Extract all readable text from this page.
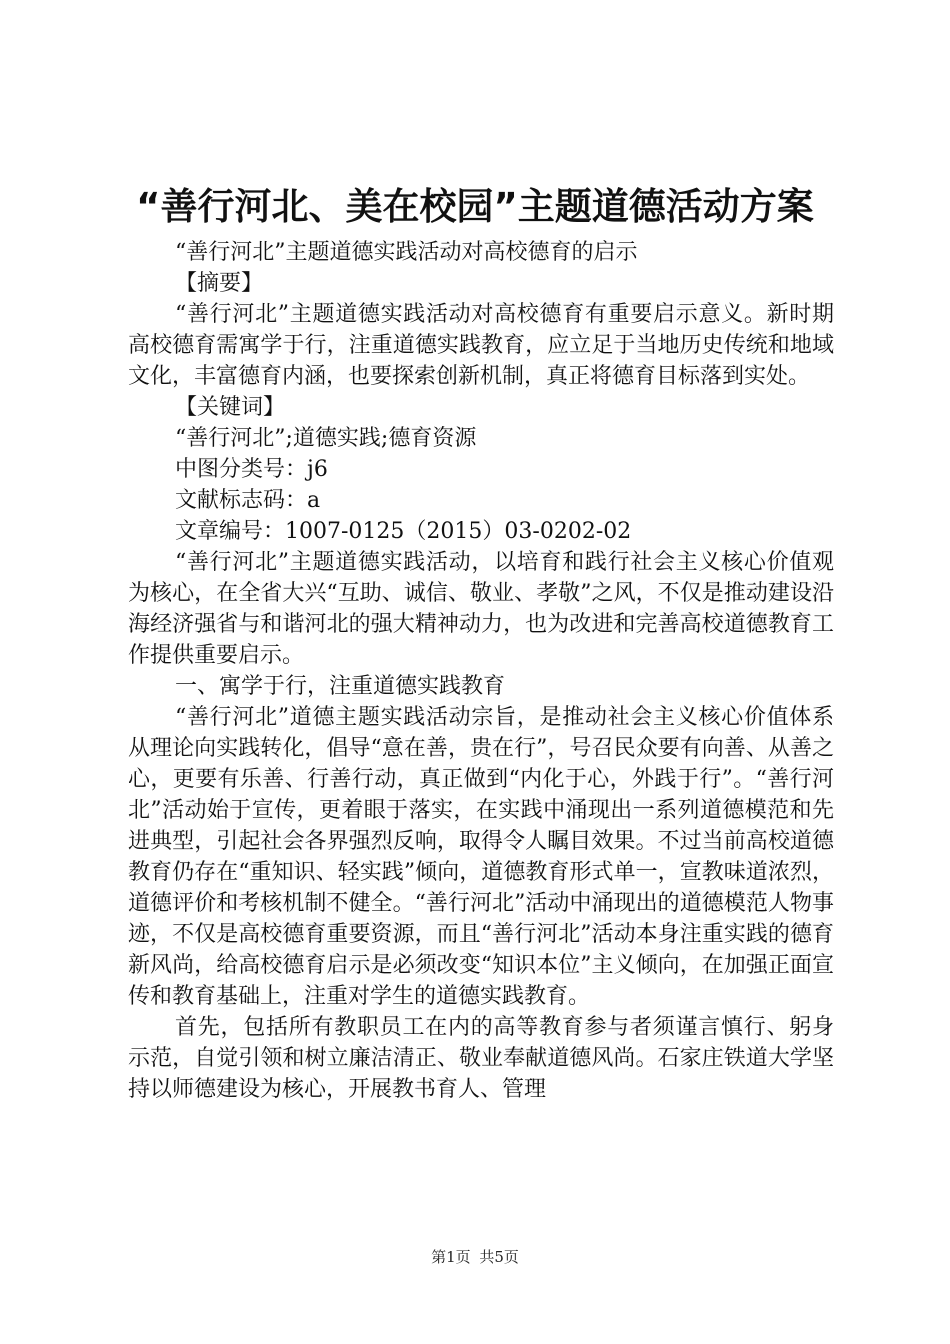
“善行河北、美在校园”主题道德活动方案

“善行河北”主题道德实践活动对高校德育的启示

【摘要】

“善行河北”主题道德实践活动对高校德育有重要启示意义。新时期高校德育需寓学于行，注重道德实践教育，应立足于当地历史传统和地域文化，丰富德育内涵，也要探索创新机制，真正将德育目标落到实处。

【关键词】

“善行河北”;道德实践;德育资源

中图分类号：j6

文献标志码：a

文章编号：1007-0125（2015）03-0202-02

“善行河北”主题道德实践活动，以培育和践行社会主义核心价值观为核心，在全省大兴“互助、诚信、敬业、孝敬”之风，不仅是推动建设沿海经济强省与和谐河北的强大精神动力，也为改进和完善高校道德教育工作提供重要启示。

一、寓学于行，注重道德实践教育

“善行河北”道德主题实践活动宗旨，是推动社会主义核心价值体系从理论向实践转化，倡导“意在善，贵在行”，号召民众要有向善、从善之心，更要有乐善、行善行动，真正做到“内化于心，外践于行”。“善行河北”活动始于宣传，更着眼于落实，在实践中涌现出一系列道德模范和先进典型，引起社会各界强烈反响，取得令人瞩目效果。不过当前高校道德教育仍存在“重知识、轻实践”倾向，道德教育形式单一，宣教味道浓烈，道德评价和考核机制不健全。“善行河北”活动中涌现出的道德模范人物事迹，不仅是高校德育重要资源，而且“善行河北”活动本身注重实践的德育新风尚，给高校德育启示是必须改变“知识本位”主义倾向，在加强正面宣传和教育基础上，注重对学生的道德实践教育。

首先，包括所有教职员工在内的高等教育参与者须谨言慎行、躬身示范，自觉引领和树立廉洁清正、敬业奉献道德风尚。石家庄铁道大学坚持以师德建设为核心，开展教书育人、管理

第1页 共5页
